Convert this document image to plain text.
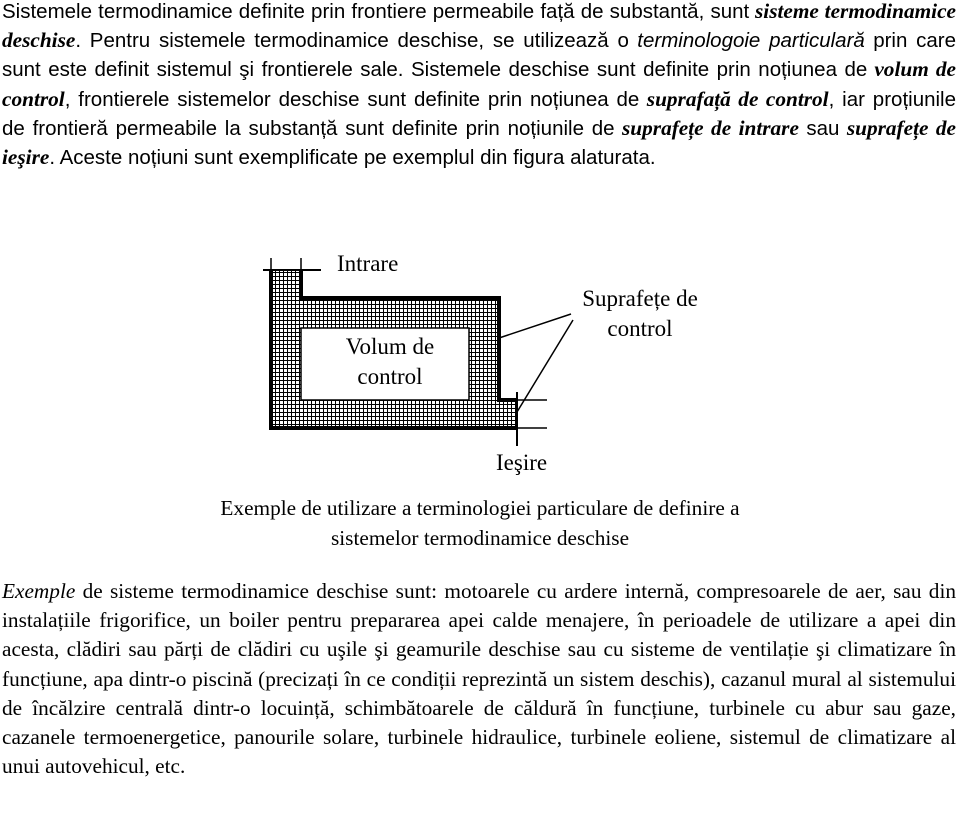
Sistemele termodinamice definite prin frontiere permeabile față de substantă, sunt sisteme termodinamice deschise. Pentru sistemele termodinamice deschise, se utilizează o terminologoie particulară prin care sunt este definit sistemul şi frontierele sale. Sistemele deschise sunt definite prin noțiunea de volum de control, frontierele sistemelor deschise sunt definite prin noțiunea de suprafață de control, iar proțiunile de frontieră permeabile la substanță sunt definite prin noțiunile de suprafețe de intrare sau suprafețe de ieşire. Aceste noțiuni sunt exemplificate pe exemplul din figura alaturata.

Intrare
Volum de
control
Suprafețe de
control
Ieşire
Exemple de utilizare a terminologiei particulare de definire a
sistemelor termodinamice deschise

Exemple de sisteme termodinamice deschise sunt: motoarele cu ardere internă, compresoarele de aer, sau din instalațiile frigorifice, un boiler pentru prepararea apei calde menajere, în perioadele de utilizare a apei din acesta, clădiri sau părți de clădiri cu uşile şi geamurile deschise sau cu sisteme de ventilație şi climatizare în funcțiune, apa dintr-o piscină (precizați în ce condiții reprezintă un sistem deschis), cazanul mural al sistemului de încălzire centrală dintr-o locuință, schimbătoarele de căldură în funcțiune, turbinele cu abur sau gaze, cazanele termoenergetice, panourile solare, turbinele hidraulice, turbinele eoliene, sistemul de climatizare al unui autovehicul, etc.
